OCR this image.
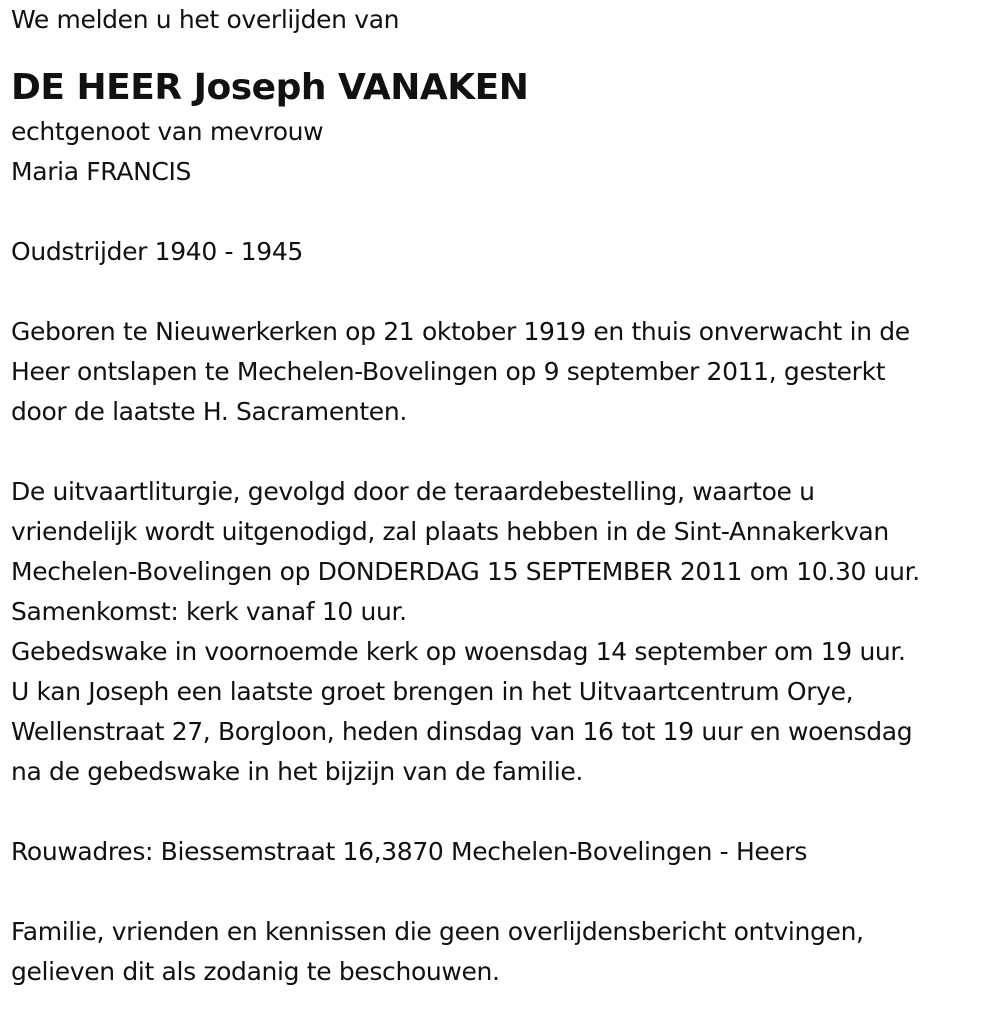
We melden u het overlijden van
DE HEER Joseph VANAKEN
echtgenoot van mevrouw
Maria FRANCIS
Oudstrijder 1940 - 1945
Geboren te Nieuwerkerken op 21 oktober 1919 en thuis onverwacht in de
Heer ontslapen te Mechelen-Bovelingen op 9 september 2011, gesterkt
door de laatste H. Sacramenten.
De uitvaartliturgie, gevolgd door de teraardebestelling, waartoe u
vriendelijk wordt uitgenodigd, zal plaats hebben in de Sint-Annakerkvan
Mechelen-Bovelingen op DONDERDAG 15 SEPTEMBER 2011 om 10.30 uur.
Samenkomst: kerk vanaf 10 uur.
Gebedswake in voornoemde kerk op woensdag 14 september om 19 uur.
U kan Joseph een laatste groet brengen in het Uitvaartcentrum Orye,
Wellenstraat 27, Borgloon, heden dinsdag van 16 tot 19 uur en woensdag
na de gebedswake in het bijzijn van de familie.
Rouwadres: Biessemstraat 16,3870 Mechelen-Bovelingen - Heers
Familie, vrienden en kennissen die geen overlijdensbericht ontvingen,
gelieven dit als zodanig te beschouwen.
